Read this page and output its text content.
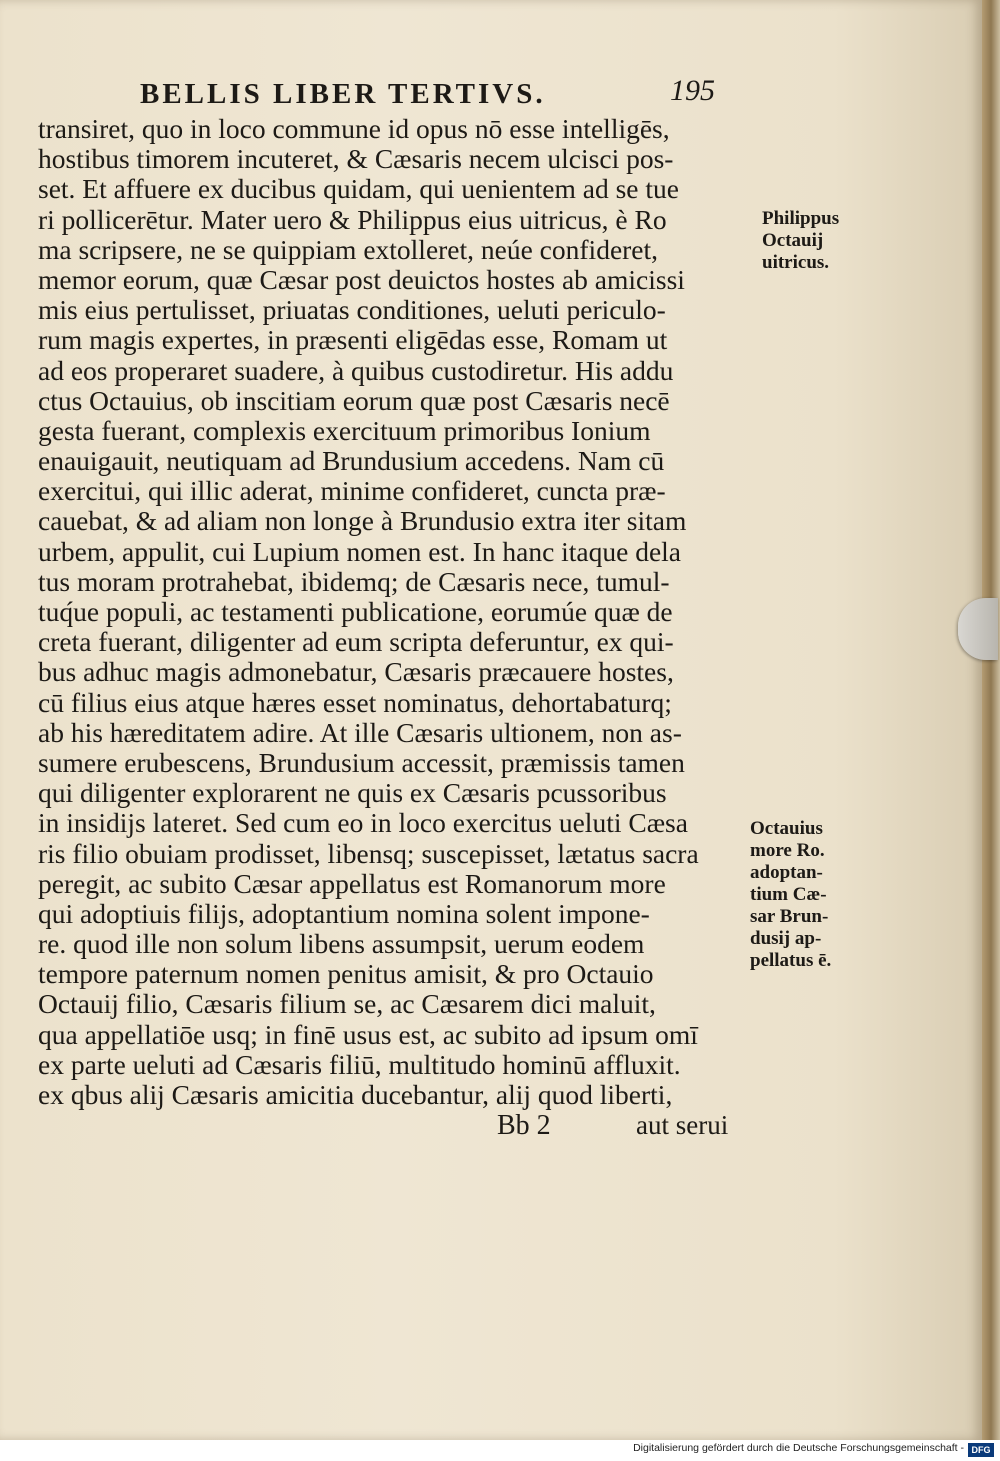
BELLIS LIBER TERTIVS.	195
transiret, quo in loco commune id opus nō esse intelligēs,
hostibus timorem incuteret, & Cæsaris necem ulcisci pos-
set. Et affuere ex ducibus quidam, qui uenientem ad se tue
ri pollicerētur. Mater uero & Philippus eius uitricus, è Ro
ma scripsere, ne se quippiam extolleret, neúe confideret,
memor eorum, quæ Cæsar post deuictos hostes ab amicissi
mis eius pertulisset, priuatas conditiones, ueluti periculo-
rum magis expertes, in præsenti eligēdas esse, Romam ut
ad eos properaret suadere, à quibus custodiretur. His addu
ctus Octauius, ob inscitiam eorum quæ post Cæsaris necē
gesta fuerant, complexis exercituum primoribus Ionium
enauigauit, neutiquam ad Brundusium accedens. Nam cū
exercitui, qui illic aderat, minime confideret, cuncta præ-
cauebat, & ad aliam non longe à Brundusio extra iter sitam
urbem, appulit, cui Lupium nomen est. In hanc itaque dela
tus moram protrahebat, ibidemq; de Cæsaris nece, tumul-
tuq́ue populi, ac testamenti publicatione, eorumúe quæ de
creta fuerant, diligenter ad eum scripta deferuntur, ex qui-
bus adhuc magis admonebatur, Cæsaris præcauere hostes,
cū filius eius atque hæres esset nominatus, dehortabaturq;
ab his hæreditatem adire. At ille Cæsaris ultionem, non as-
sumere erubescens, Brundusium accessit, præmissis tamen
qui diligenter explorarent ne quis ex Cæsaris pcussoribus
in insidijs lateret. Sed cum eo in loco exercitus ueluti Cæsa
ris filio obuiam prodisset, libensq; suscepisset, lætatus sacra
peregit, ac subito Cæsar appellatus est Romanorum more
qui adoptiuis filijs, adoptantium nomina solent impone-
re. quod ille non solum libens assumpsit, uerum eodem
tempore paternum nomen penitus amisit, & pro Octauio
Octauij filio, Cæsaris filium se, ac Cæsarem dici maluit,
qua appellatiōe usq; in finē usus est, ac subito ad ipsum omī
ex parte ueluti ad Cæsaris filiū, multitudo hominū affluxit.
ex qbus alij Cæsaris amicitia ducebantur, alij quod liberti,
Philippus
Octauij
uitricus.
Octauius
more Ro.
adoptan-
tium Cæ-
sar Brun-
dusij ap-
pellatus ē.
Bb 2	aut serui
Digitalisierung gefördert durch die Deutsche Forschungsgemeinschaft - DFG
